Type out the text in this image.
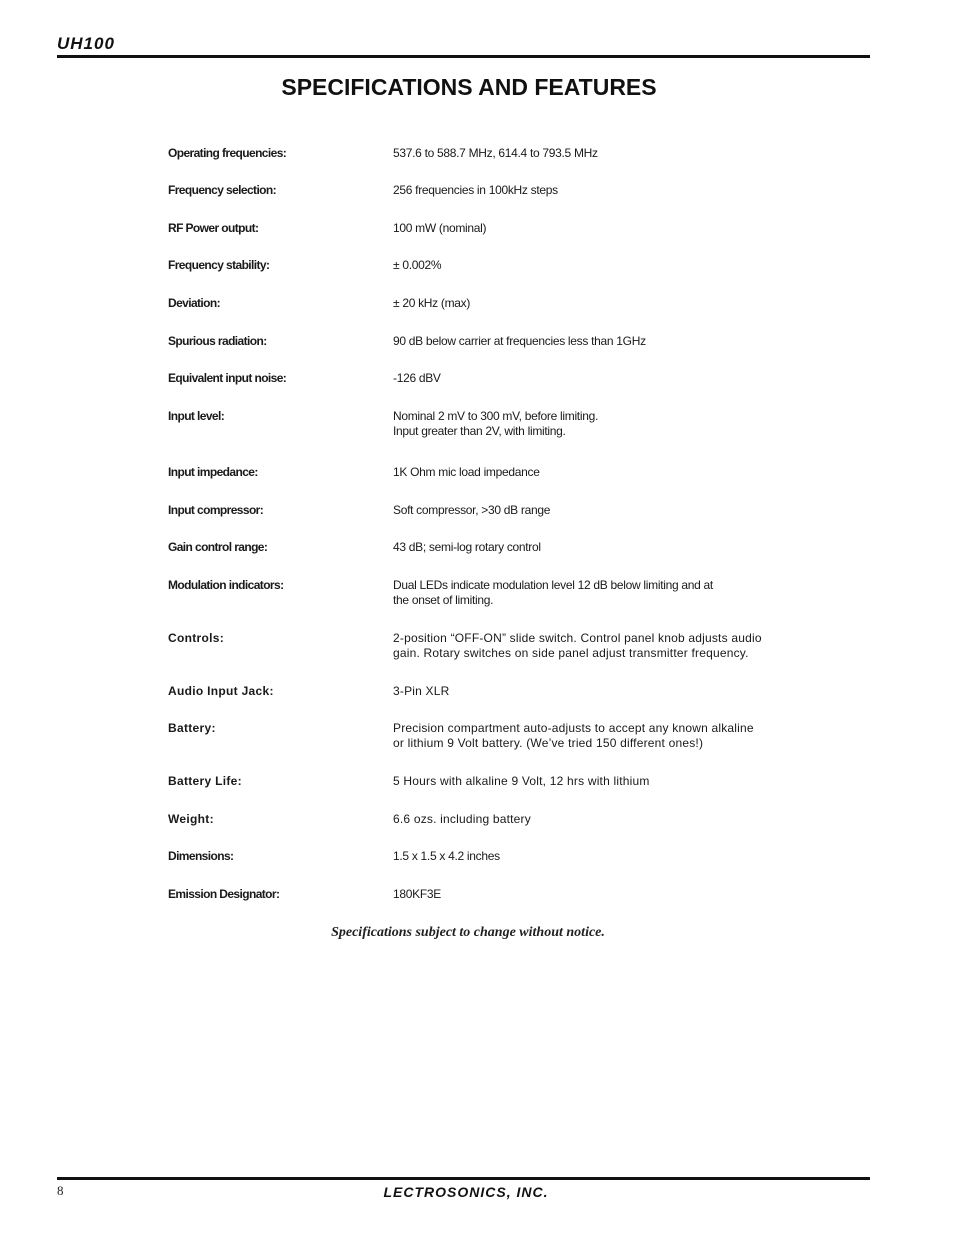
UH100
SPECIFICATIONS AND FEATURES
Operating frequencies:	537.6 to 588.7 MHz, 614.4 to 793.5 MHz
Frequency selection:	256 frequencies in 100kHz steps
RF Power output:	100 mW (nominal)
Frequency stability:	± 0.002%
Deviation:	± 20 kHz (max)
Spurious radiation:	90 dB below carrier at frequencies less than 1GHz
Equivalent input noise:	-126 dBV
Input level:	Nominal 2 mV to 300 mV, before limiting.
Input greater than 2V, with limiting.
Input impedance:	1K Ohm mic load impedance
Input compressor:	Soft compressor, >30 dB range
Gain control range:	43 dB; semi-log rotary control
Modulation indicators:	Dual LEDs indicate modulation level 12 dB below limiting and at
the onset of limiting.
Controls:	2-position “OFF-ON” slide switch. Control panel knob adjusts audio
gain. Rotary switches on side panel adjust transmitter frequency.
Audio Input Jack:	3-Pin XLR
Battery:	Precision compartment auto-adjusts to accept any known alkaline
or lithium 9 Volt battery. (We’ve tried 150 different ones!)
Battery Life:	5 Hours with alkaline 9 Volt, 12 hrs with lithium
Weight:	6.6 ozs. including battery
Dimensions:	1.5 x 1.5 x 4.2 inches
Emission Designator:	180KF3E
Specifications subject to change without notice.
8	LECTROSONICS, INC.
